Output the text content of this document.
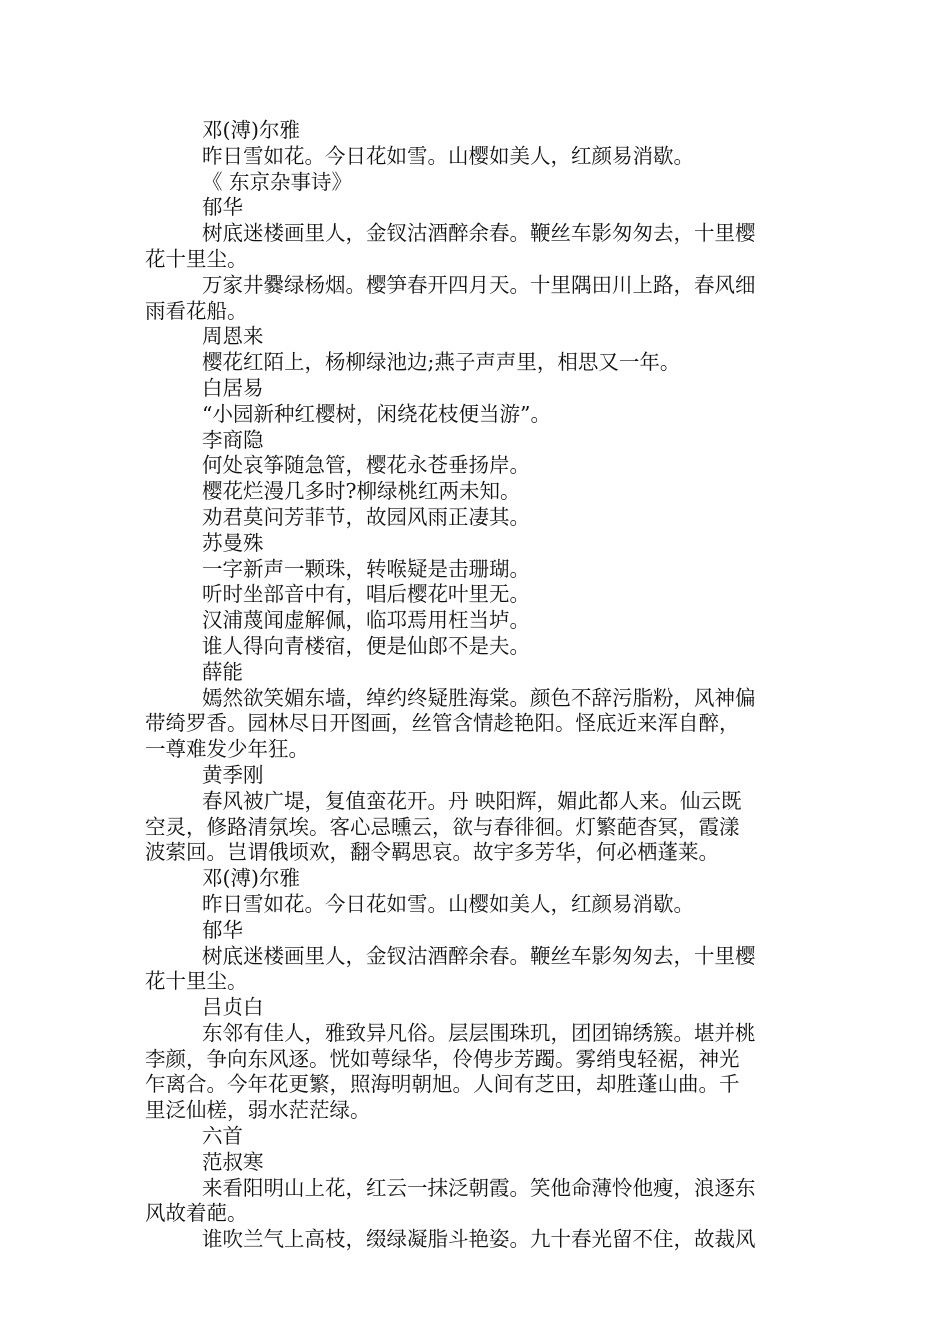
邓(溥)尔雅
昨日雪如花。今日花如雪。山樱如美人，红颜易消歇。
《 东京杂事诗》
郁华
树底迷楼画里人，金钗沽酒醉余春。鞭丝车影匆匆去，十里樱
花十里尘。
万家井爨绿杨烟。樱笋春开四月天。十里隅田川上路，春风细
雨看花船。
周恩来
樱花红陌上，杨柳绿池边;燕子声声里，相思又一年。
白居易
“小园新种红樱树，闲绕花枝便当游”。
李商隐
何处哀筝随急管，樱花永苍垂扬岸。
樱花烂漫几多时?柳绿桃红两未知。
劝君莫问芳菲节，故园风雨正凄其。
苏曼殊
一字新声一颗珠，转喉疑是击珊瑚。
听时坐部音中有，唱后樱花叶里无。
汉浦蔑闻虚解佩，临邛焉用枉当垆。
谁人得向青楼宿，便是仙郎不是夫。
薛能
嫣然欲笑媚东墙，绰约终疑胜海棠。颜色不辞污脂粉，风神偏
带绮罗香。园林尽日开图画，丝管含情趁艳阳。怪底近来浑自醉，
一尊难发少年狂。
黄季刚
春风被广堤，复值蛮花开。丹 映阳辉，媚此都人来。仙云既
空灵，修路清氛埃。客心忌曛云，欲与春徘徊。灯繁葩杳冥，霞漾
波萦回。岂谓俄顷欢，翻令羁思哀。故宇多芳华，何必栖蓬莱。
邓(溥)尔雅
昨日雪如花。今日花如雪。山樱如美人，红颜易消歇。
郁华
树底迷楼画里人，金钗沽酒醉余春。鞭丝车影匆匆去，十里樱
花十里尘。
吕贞白
东邻有佳人，雅致异凡俗。层层围珠玑，团团锦绣簇。堪并桃
李颜，争向东风逐。恍如萼绿华，伶俜步芳躅。雾绡曳轻裾，神光
乍离合。今年花更繁，照海明朝旭。人间有芝田，却胜蓬山曲。千
里泛仙槎，弱水茫茫绿。
六首
范叔寒
来看阳明山上花，红云一抹泛朝霞。笑他命薄怜他瘦，浪逐东
风故着葩。
谁吹兰气上高枝，缀绿凝脂斗艳姿。九十春光留不住，故裁风
